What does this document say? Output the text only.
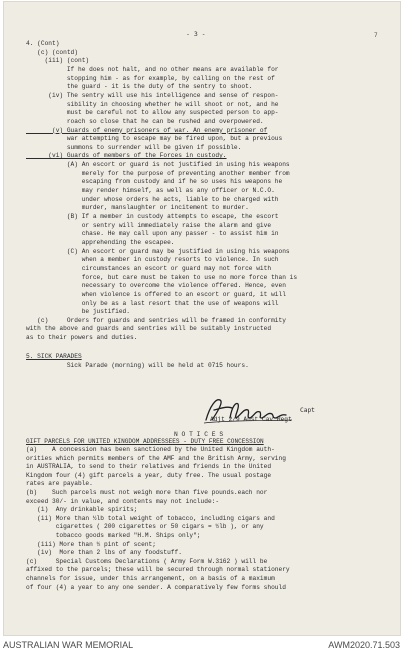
- 3 -	7
4. (Cont)
(c) (contd)
(iii) (cont)
If he does not halt, and no other means are available for
stopping him - as for example, by calling on the rest of
the guard - it is the duty of the sentry to shoot.
(iv) The sentry will use his intelligence and sense of respon-
sibility in choosing whether he will shoot or not, and he
must be careful not to allow any suspected person to app-
roach so close that he can be rushed and overpowered.
(v) Guards of enemy prisoners of war. An enemy prisoner of
war attempting to escape may be fired upon, but a previous
summons to surrender will be given if possible.
(vi) Guards of members of the Forces in custody.
(A) An escort or guard is not justified in using his weapons
merely for the purpose of preventing another member from
escaping from custody and if he so uses his weapons he
may render himself, as well as any officer or N.C.O.
under whose orders he acts, liable to be charged with
murder, manslaughter or incitement to murder.
(B) If a member in custody attempts to escape, the escort
or sentry will immediately raise the alarm and give
chase. He may call upon any passer - to assist him in
apprehending the escapee.
(C) An escort or guard may be justified in using his weapons
when a member in custody resorts to violence. In such
circumstances an escort or guard may not force with
force, but care must be taken to use no more force than is
necessary to overcome the violence offered. Hence, even
when violence is offered to an escort or guard, it will
only be as a last resort that the use of weapons will
be justified.
(c)     Orders for guards and sentries will be framed in conformity
with the above and guards and sentries will be suitably instructed
as to their powers and duties.
5. SICK PARADES
Sick Parade (morning) will be held at 0715 hours.
Capt
Adjt 2/9 Aust Cav Regt
N O T I C E S
GIFT PARCELS FOR UNITED KINGDOM ADDRESSEES - DUTY FREE CONCESSION
(a)    A concession has been sanctioned by the United Kingdom auth-
orities which permits members of the AMF and the British Army, serving
in AUSTRALIA, to send to their relatives and friends in the United
Kingdom four (4) gift parcels a year, duty free. The usual postage
rates are payable.
(b)    Such parcels must not weigh more than five pounds.each nor
exceed 30/- in value, and contents may not include:-
(i)  Any drinkable spirits;
(ii) More than ½lb total weight of tobacco, including cigars and
cigarettes ( 200 cigarettes or 50 cigars = ½lb ), or any
tobacco goods marked "H.M. Ships only";
(iii) More than ½ pint of scent;
(iv)  More than 2 lbs of any foodstuff.
(c)     Special Customs Declarations ( Army Form W.3162 ) will be
affixed to the parcels; these will be secured through normal stationery
channels for issue, under this arrangement, on a basis of a maximum
of four (4) a year to any one sender. A comparatively few forms should
AUSTRALIAN WAR MEMORIAL	AWM2020.71.503
